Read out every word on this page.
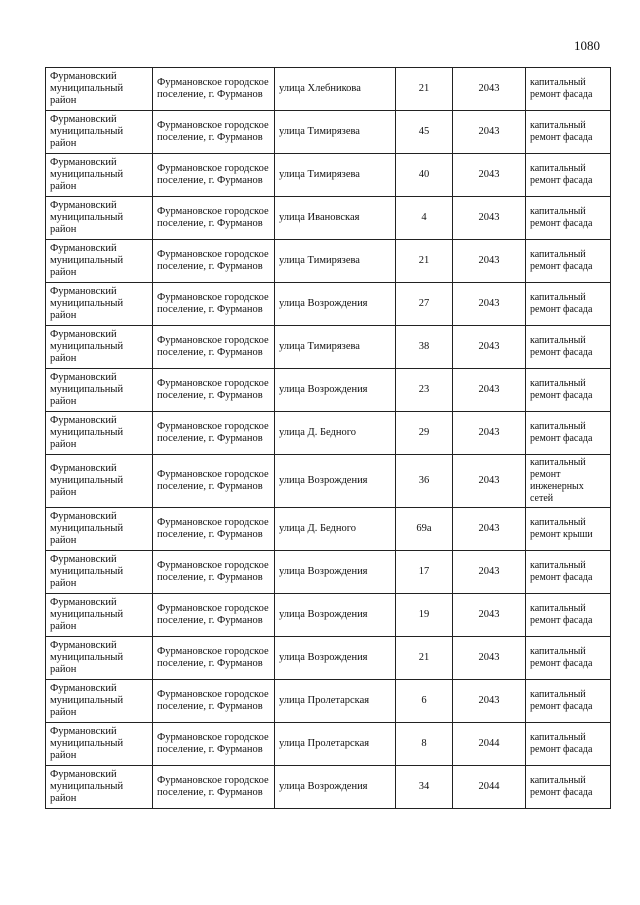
1080
Фурмановский муниципальный район	Фурмановское городское поселение, г. Фурманов	улица Хлебникова	21	2043	капитальный ремонт фасада
Фурмановский муниципальный район	Фурмановское городское поселение, г. Фурманов	улица Тимирязева	45	2043	капитальный ремонт фасада
Фурмановский муниципальный район	Фурмановское городское поселение, г. Фурманов	улица Тимирязева	40	2043	капитальный ремонт фасада
Фурмановский муниципальный район	Фурмановское городское поселение, г. Фурманов	улица Ивановская	4	2043	капитальный ремонт фасада
Фурмановский муниципальный район	Фурмановское городское поселение, г. Фурманов	улица Тимирязева	21	2043	капитальный ремонт фасада
Фурмановский муниципальный район	Фурмановское городское поселение, г. Фурманов	улица Возрождения	27	2043	капитальный ремонт фасада
Фурмановский муниципальный район	Фурмановское городское поселение, г. Фурманов	улица Тимирязева	38	2043	капитальный ремонт фасада
Фурмановский муниципальный район	Фурмановское городское поселение, г. Фурманов	улица Возрождения	23	2043	капитальный ремонт фасада
Фурмановский муниципальный район	Фурмановское городское поселение, г. Фурманов	улица Д. Бедного	29	2043	капитальный ремонт фасада
Фурмановский муниципальный район	Фурмановское городское поселение, г. Фурманов	улица Возрождения	36	2043	капитальный ремонт инженерных сетей
Фурмановский муниципальный район	Фурмановское городское поселение, г. Фурманов	улица Д. Бедного	69а	2043	капитальный ремонт крыши
Фурмановский муниципальный район	Фурмановское городское поселение, г. Фурманов	улица Возрождения	17	2043	капитальный ремонт фасада
Фурмановский муниципальный район	Фурмановское городское поселение, г. Фурманов	улица Возрождения	19	2043	капитальный ремонт фасада
Фурмановский муниципальный район	Фурмановское городское поселение, г. Фурманов	улица Возрождения	21	2043	капитальный ремонт фасада
Фурмановский муниципальный район	Фурмановское городское поселение, г. Фурманов	улица Пролетарская	6	2043	капитальный ремонт фасада
Фурмановский муниципальный район	Фурмановское городское поселение, г. Фурманов	улица Пролетарская	8	2044	капитальный ремонт фасада
Фурмановский муниципальный район	Фурмановское городское поселение, г. Фурманов	улица Возрождения	34	2044	капитальный ремонт фасада
